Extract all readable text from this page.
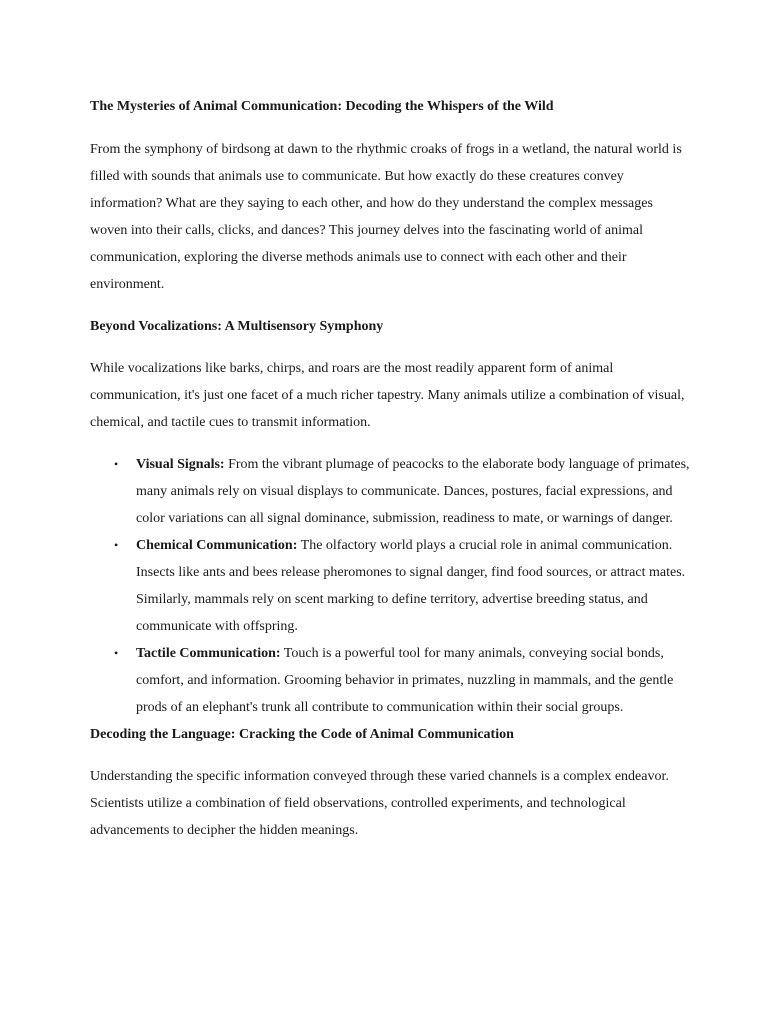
The Mysteries of Animal Communication: Decoding the Whispers of the Wild

From the symphony of birdsong at dawn to the rhythmic croaks of frogs in a wetland, the natural world is filled with sounds that animals use to communicate. But how exactly do these creatures convey information? What are they saying to each other, and how do they understand the complex messages woven into their calls, clicks, and dances? This journey delves into the fascinating world of animal communication, exploring the diverse methods animals use to connect with each other and their environment.

Beyond Vocalizations: A Multisensory Symphony

While vocalizations like barks, chirps, and roars are the most readily apparent form of animal communication, it's just one facet of a much richer tapestry. Many animals utilize a combination of visual, chemical, and tactile cues to transmit information.

• Visual Signals: From the vibrant plumage of peacocks to the elaborate body language of primates, many animals rely on visual displays to communicate. Dances, postures, facial expressions, and color variations can all signal dominance, submission, readiness to mate, or warnings of danger.
• Chemical Communication: The olfactory world plays a crucial role in animal communication. Insects like ants and bees release pheromones to signal danger, find food sources, or attract mates. Similarly, mammals rely on scent marking to define territory, advertise breeding status, and communicate with offspring.
• Tactile Communication: Touch is a powerful tool for many animals, conveying social bonds, comfort, and information. Grooming behavior in primates, nuzzling in mammals, and the gentle prods of an elephant's trunk all contribute to communication within their social groups.

Decoding the Language: Cracking the Code of Animal Communication

Understanding the specific information conveyed through these varied channels is a complex endeavor. Scientists utilize a combination of field observations, controlled experiments, and technological advancements to decipher the hidden meanings.
